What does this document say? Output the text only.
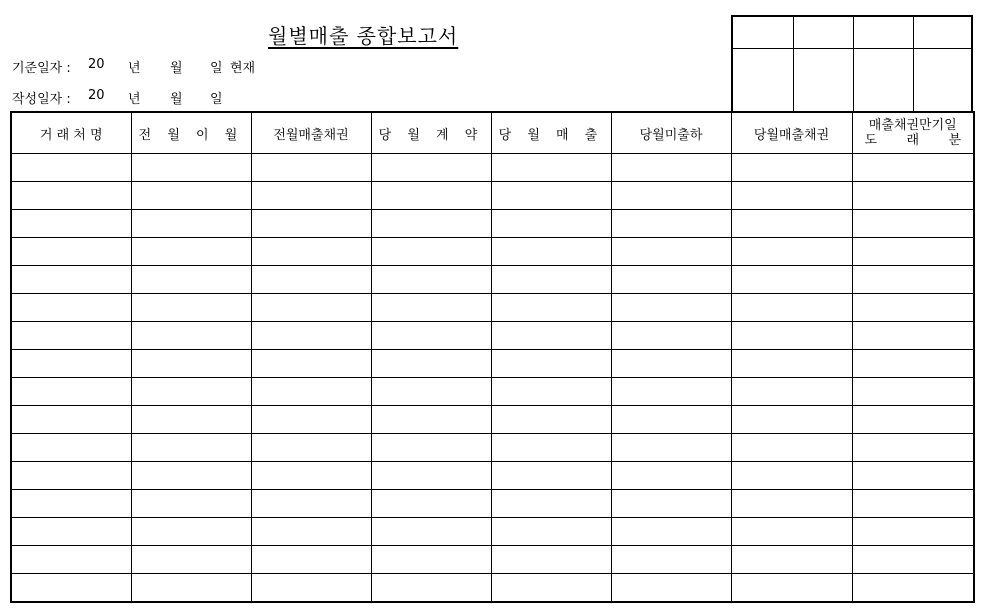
월별매출 종합보고서
기준일자 : 20 년 월 일 현재
작성일자 : 20 년 월 일
거 래 처 명	전 월 이 월	전월매출채권	당 월 계 약	당 월 매 출	당월미출하	당월매출채권	매출채권만기일
도 래 분
